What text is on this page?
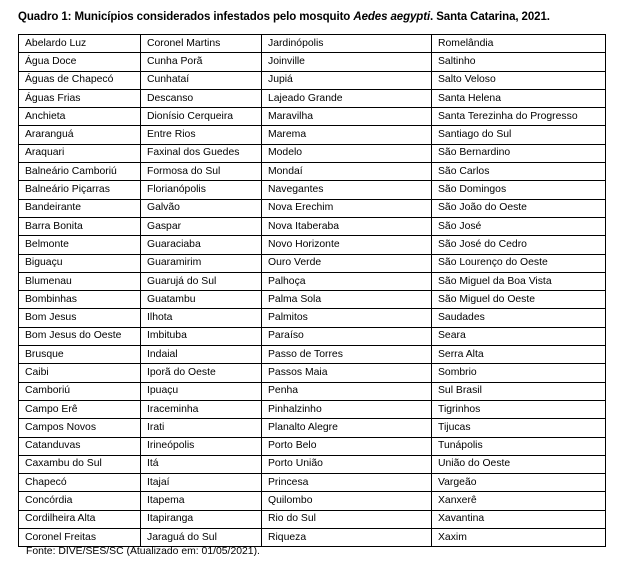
Quadro 1: Municípios considerados infestados pelo mosquito Aedes aegypti. Santa Catarina, 2021.
Abelardo Luz	Coronel Martins	Jardinópolis	Romelândia
Água Doce	Cunha Porã	Joinville	Saltinho
Águas de Chapecó	Cunhataí	Jupiá	Salto Veloso
Águas Frias	Descanso	Lajeado Grande	Santa Helena
Anchieta	Dionísio Cerqueira	Maravilha	Santa Terezinha do Progresso
Araranguá	Entre Rios	Marema	Santiago do Sul
Araquari	Faxinal dos Guedes	Modelo	São Bernardino
Balneário Camboriú	Formosa do Sul	Mondaí	São Carlos
Balneário Piçarras	Florianópolis	Navegantes	São Domingos
Bandeirante	Galvão	Nova Erechim	São João do Oeste
Barra Bonita	Gaspar	Nova Itaberaba	São José
Belmonte	Guaraciaba	Novo Horizonte	São José do Cedro
Biguaçu	Guaramirim	Ouro Verde	São Lourenço do Oeste
Blumenau	Guarujá do Sul	Palhoça	São Miguel da Boa Vista
Bombinhas	Guatambu	Palma Sola	São Miguel do Oeste
Bom Jesus	Ilhota	Palmitos	Saudades
Bom Jesus do Oeste	Imbituba	Paraíso	Seara
Brusque	Indaial	Passo de Torres	Serra Alta
Caibi	Iporã do Oeste	Passos Maia	Sombrio
Camboriú	Ipuaçu	Penha	Sul Brasil
Campo Erê	Iraceminha	Pinhalzinho	Tigrinhos
Campos Novos	Irati	Planalto Alegre	Tijucas
Catanduvas	Irineópolis	Porto Belo	Tunápolis
Caxambu do Sul	Itá	Porto União	União do Oeste
Chapecó	Itajaí	Princesa	Vargeão
Concórdia	Itapema	Quilombo	Xanxerê
Cordilheira Alta	Itapiranga	Rio do Sul	Xavantina
Coronel Freitas	Jaraguá do Sul	Riqueza	Xaxim
Fonte: DIVE/SES/SC (Atualizado em: 01/05/2021).
